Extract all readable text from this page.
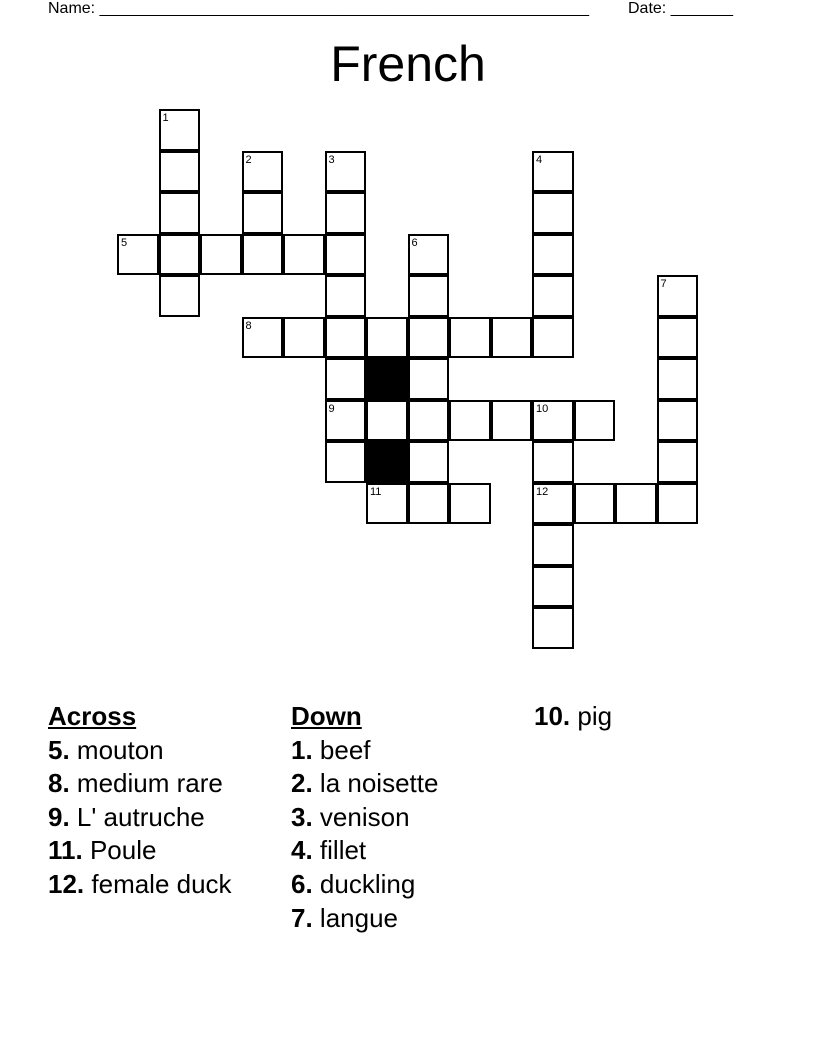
Name: _______________________________________________________ Date: _______
French
1
2	3	4
5	6
7
8
9	10
11	12
Across
5. mouton
8. medium rare
9. L' autruche
11. Poule
12. female duck
Down
1. beef
2. la noisette
3. venison
4. fillet
6. duckling
7. langue
10. pig
